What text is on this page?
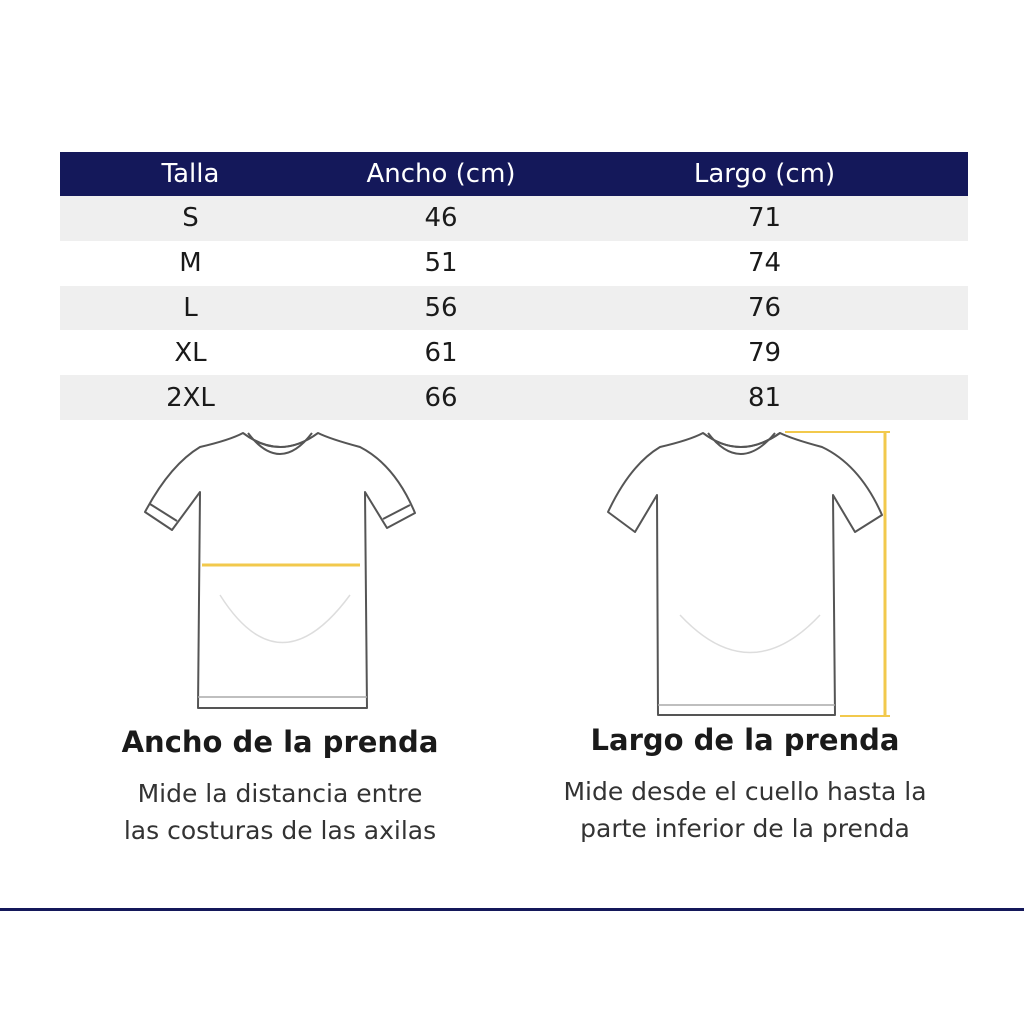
Talla	Ancho (cm)	Largo (cm)
S	46	71
M	51	74
L	56	76
XL	61	79
2XL	66	81

Ancho de la prenda

Mide la distancia entre

las costuras de las axilas

Largo de la prenda

Mide desde el cuello hasta la

parte inferior de la prenda
